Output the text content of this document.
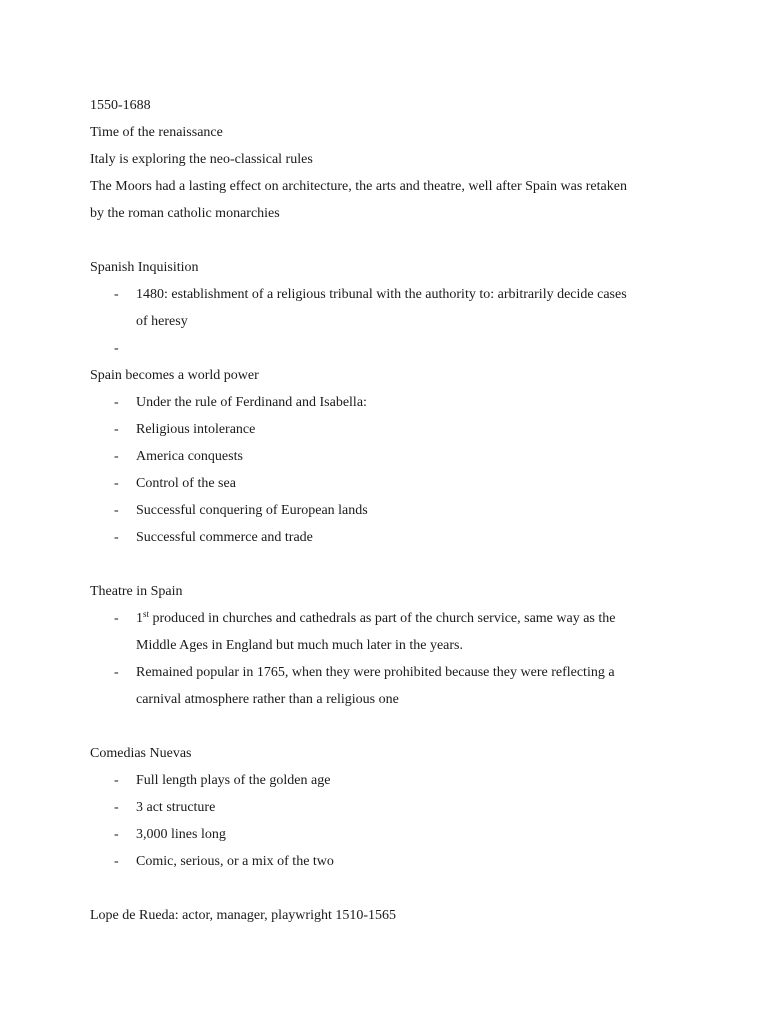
1550-1688
Time of the renaissance
Italy is exploring the neo-classical rules
The Moors had a lasting effect on architecture, the arts and theatre, well after Spain was retaken
by the roman catholic monarchies
Spanish Inquisition
- 1480: establishment of a religious tribunal with the authority to: arbitrarily decide cases
of heresy
-

Spain becomes a world power
- Under the rule of Ferdinand and Isabella:
- Religious intolerance
- America conquests
- Control of the sea
- Successful conquering of European lands
- Successful commerce and trade
Theatre in Spain
- 1st produced in churches and cathedrals as part of the church service, same way as the
Middle Ages in England but much much later in the years.
- Remained popular in 1765, when they were prohibited because they were reflecting a
carnival atmosphere rather than a religious one
Comedias Nuevas
- Full length plays of the golden age
- 3 act structure
- 3,000 lines long
- Comic, serious, or a mix of the two
Lope de Rueda: actor, manager, playwright 1510-1565
